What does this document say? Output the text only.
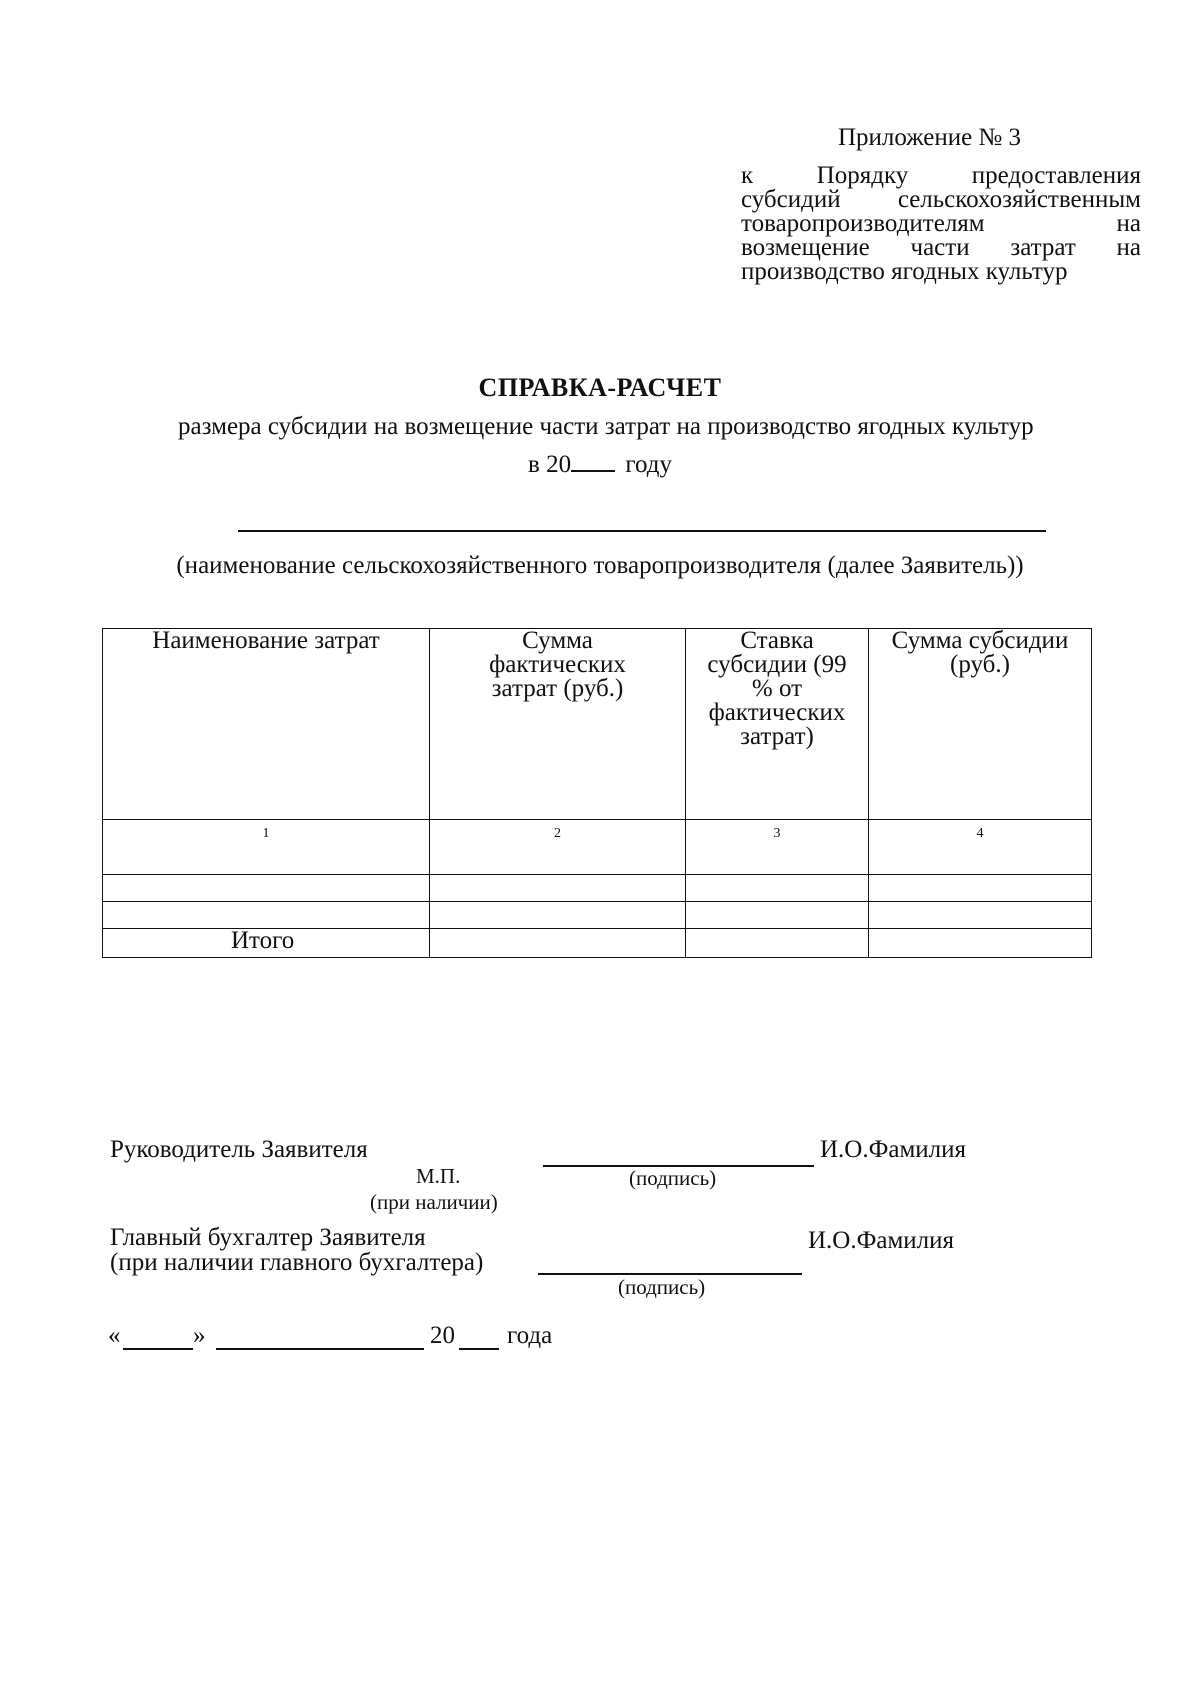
Приложение № 3
к	Порядку	предоставления
субсидий сельскохозяйственным
товаропроизводителям	на
возмещение части затрат на
производство ягодных культур
СПРАВКА-РАСЧЕТ
размера субсидии на возмещение части затрат на производство ягодных культур
в 20 году
(наименование сельскохозяйственного товаропроизводителя (далее Заявитель))
Наименование затрат	Сумма фактических затрат (руб.)	Ставка субсидии (99 % от фактических затрат)	Сумма субсидии (руб.)
1	2	3	4

Итого			
Руководитель Заявителя	И.О.Фамилия
М.П.	(подпись)
(при наличии)
Главный бухгалтер Заявителя
(при наличии главного бухгалтера)
И.О.Фамилия
(подпись)
«	»	20 года
